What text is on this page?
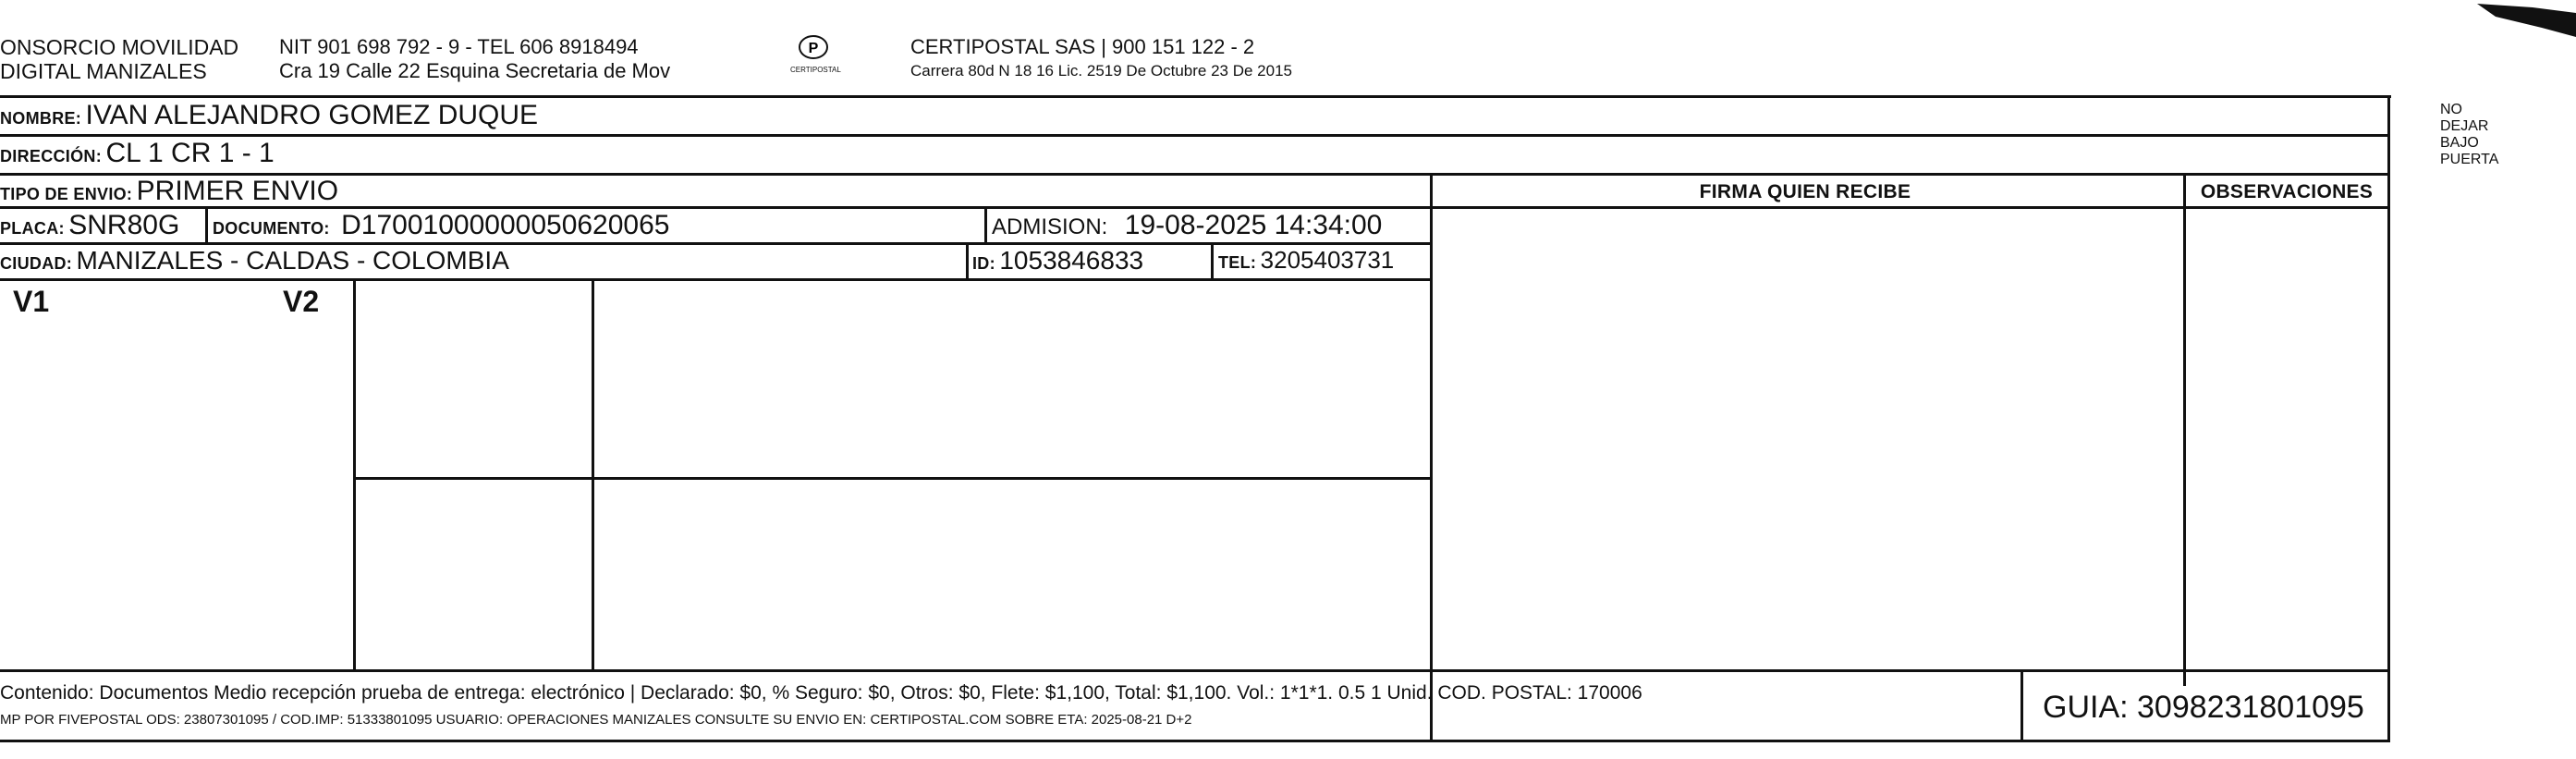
ONSORCIO MOVILIDAD
DIGITAL MANIZALES
NIT 901 698 792 - 9 - TEL 606 8918494
Cra 19 Calle 22 Esquina Secretaria de Mov
P
CERTIPOSTAL
CERTIPOSTAL SAS | 900 151 122 - 2
Carrera 80d N 18 16 Lic. 2519 De Octubre 23 De 2015
NOMBRE: IVAN ALEJANDRO GOMEZ DUQUE
DIRECCIÓN: CL 1 CR 1 - 1
TIPO DE ENVIO: PRIMER ENVIO	FIRMA QUIEN RECIBE	OBSERVACIONES
PLACA: SNR80G DOCUMENTO: D17001000000050620065	ADMISION: 19-08-2025 14:34:00
CIUDAD: MANIZALES - CALDAS - COLOMBIA	ID: 1053846833	TEL: 3205403731
V1	V2
Contenido: Documentos Medio recepción prueba de entrega: electrónico | Declarado: $0, % Seguro: $0, Otros: $0, Flete: $1,100, Total: $1,100. Vol.: 1*1*1. 0.5 1 Unid. COD. POSTAL: 170006
MP POR FIVEPOSTAL ODS: 23807301095 / COD.IMP: 51333801095 USUARIO: OPERACIONES MANIZALES CONSULTE SU ENVIO EN: CERTIPOSTAL.COM SOBRE ETA: 2025-08-21 D+2	GUIA: 3098231801095
NO DEJAR BAJO PUERTA
